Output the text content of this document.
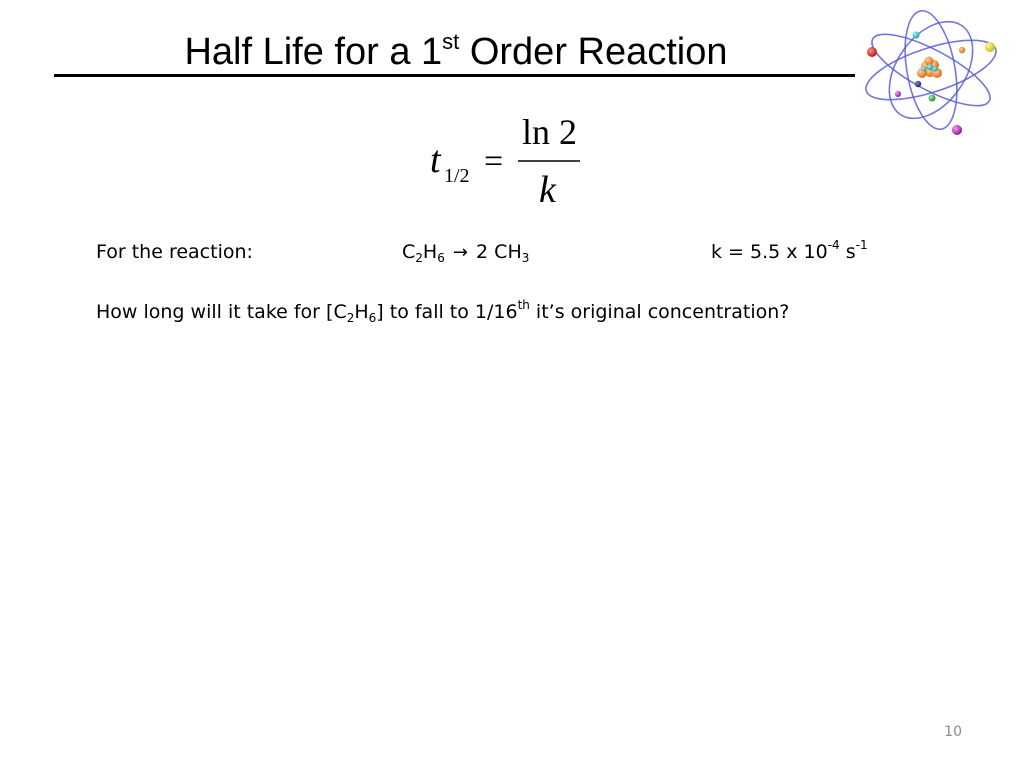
Half Life for a 1st Order Reaction
t 1/2 =
ln 2
k
For the reaction:	$C_2H_6 \to 2$ $CH_3$	k = 5.5 x $10^{-4}$ $s^{-1}$
How long will it take for $[C_2H_6]$ to fall to 1/16th it’s original concentration?
10
